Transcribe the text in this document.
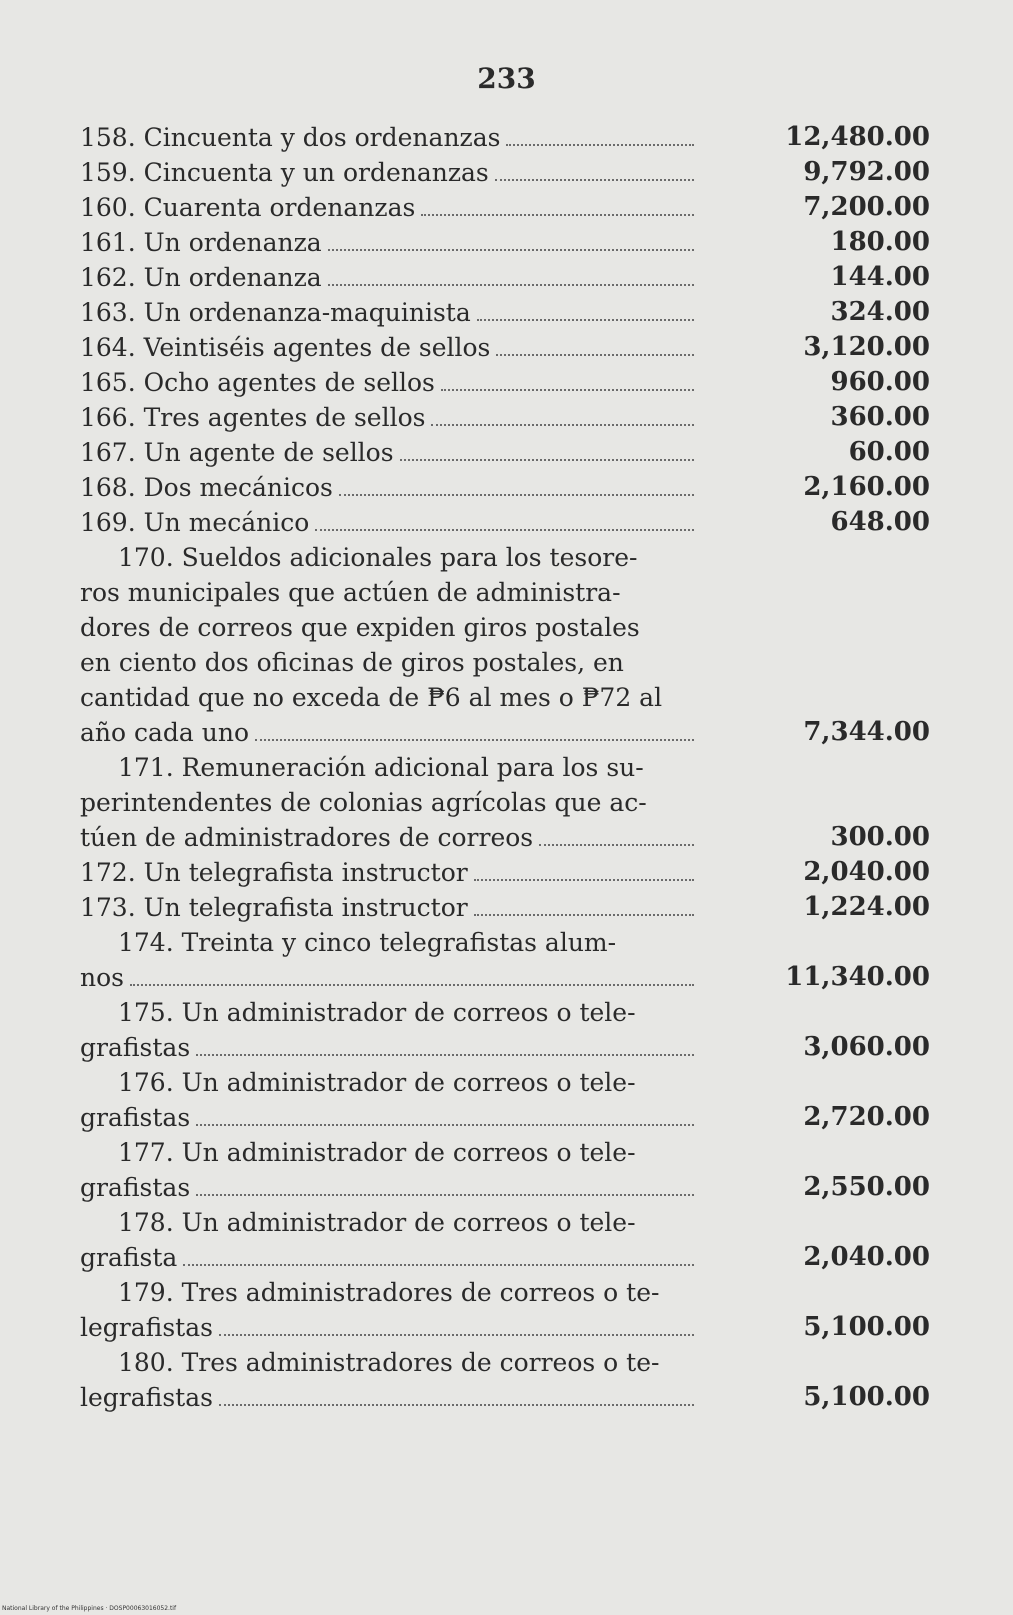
233
158. Cincuenta y dos ordenanzas	12,480.00
159. Cincuenta y un ordenanzas	9,792.00
160. Cuarenta ordenanzas	7,200.00
161. Un ordenanza	180.00
162. Un ordenanza	144.00
163. Un ordenanza-maquinista	324.00
164. Veintiséis agentes de sellos	3,120.00
165. Ocho agentes de sellos	960.00
166. Tres agentes de sellos	360.00
167. Un agente de sellos	60.00
168. Dos mecánicos	2,160.00
169. Un mecánico	648.00
170. Sueldos adicionales para los tesore-
ros municipales que actúen de administra-
dores de correos que expiden giros postales
en ciento dos oficinas de giros postales, en
cantidad que no exceda de ₱6 al mes o ₱72 al
año cada uno	7,344.00
171. Remuneración adicional para los su-
perintendentes de colonias agrícolas que ac-
túen de administradores de correos	300.00
172. Un telegrafista instructor	2,040.00
173. Un telegrafista instructor	1,224.00
174. Treinta y cinco telegrafistas alum-
nos	11,340.00
175. Un administrador de correos o tele-
grafistas	3,060.00
176. Un administrador de correos o tele-
grafistas	2,720.00
177. Un administrador de correos o tele-
grafistas	2,550.00
178. Un administrador de correos o tele-
grafista	2,040.00
179. Tres administradores de correos o te-
legrafistas	5,100.00
180. Tres administradores de correos o te-
legrafistas	5,100.00
National Library of the Philippines · DOSP00063016052.tif
